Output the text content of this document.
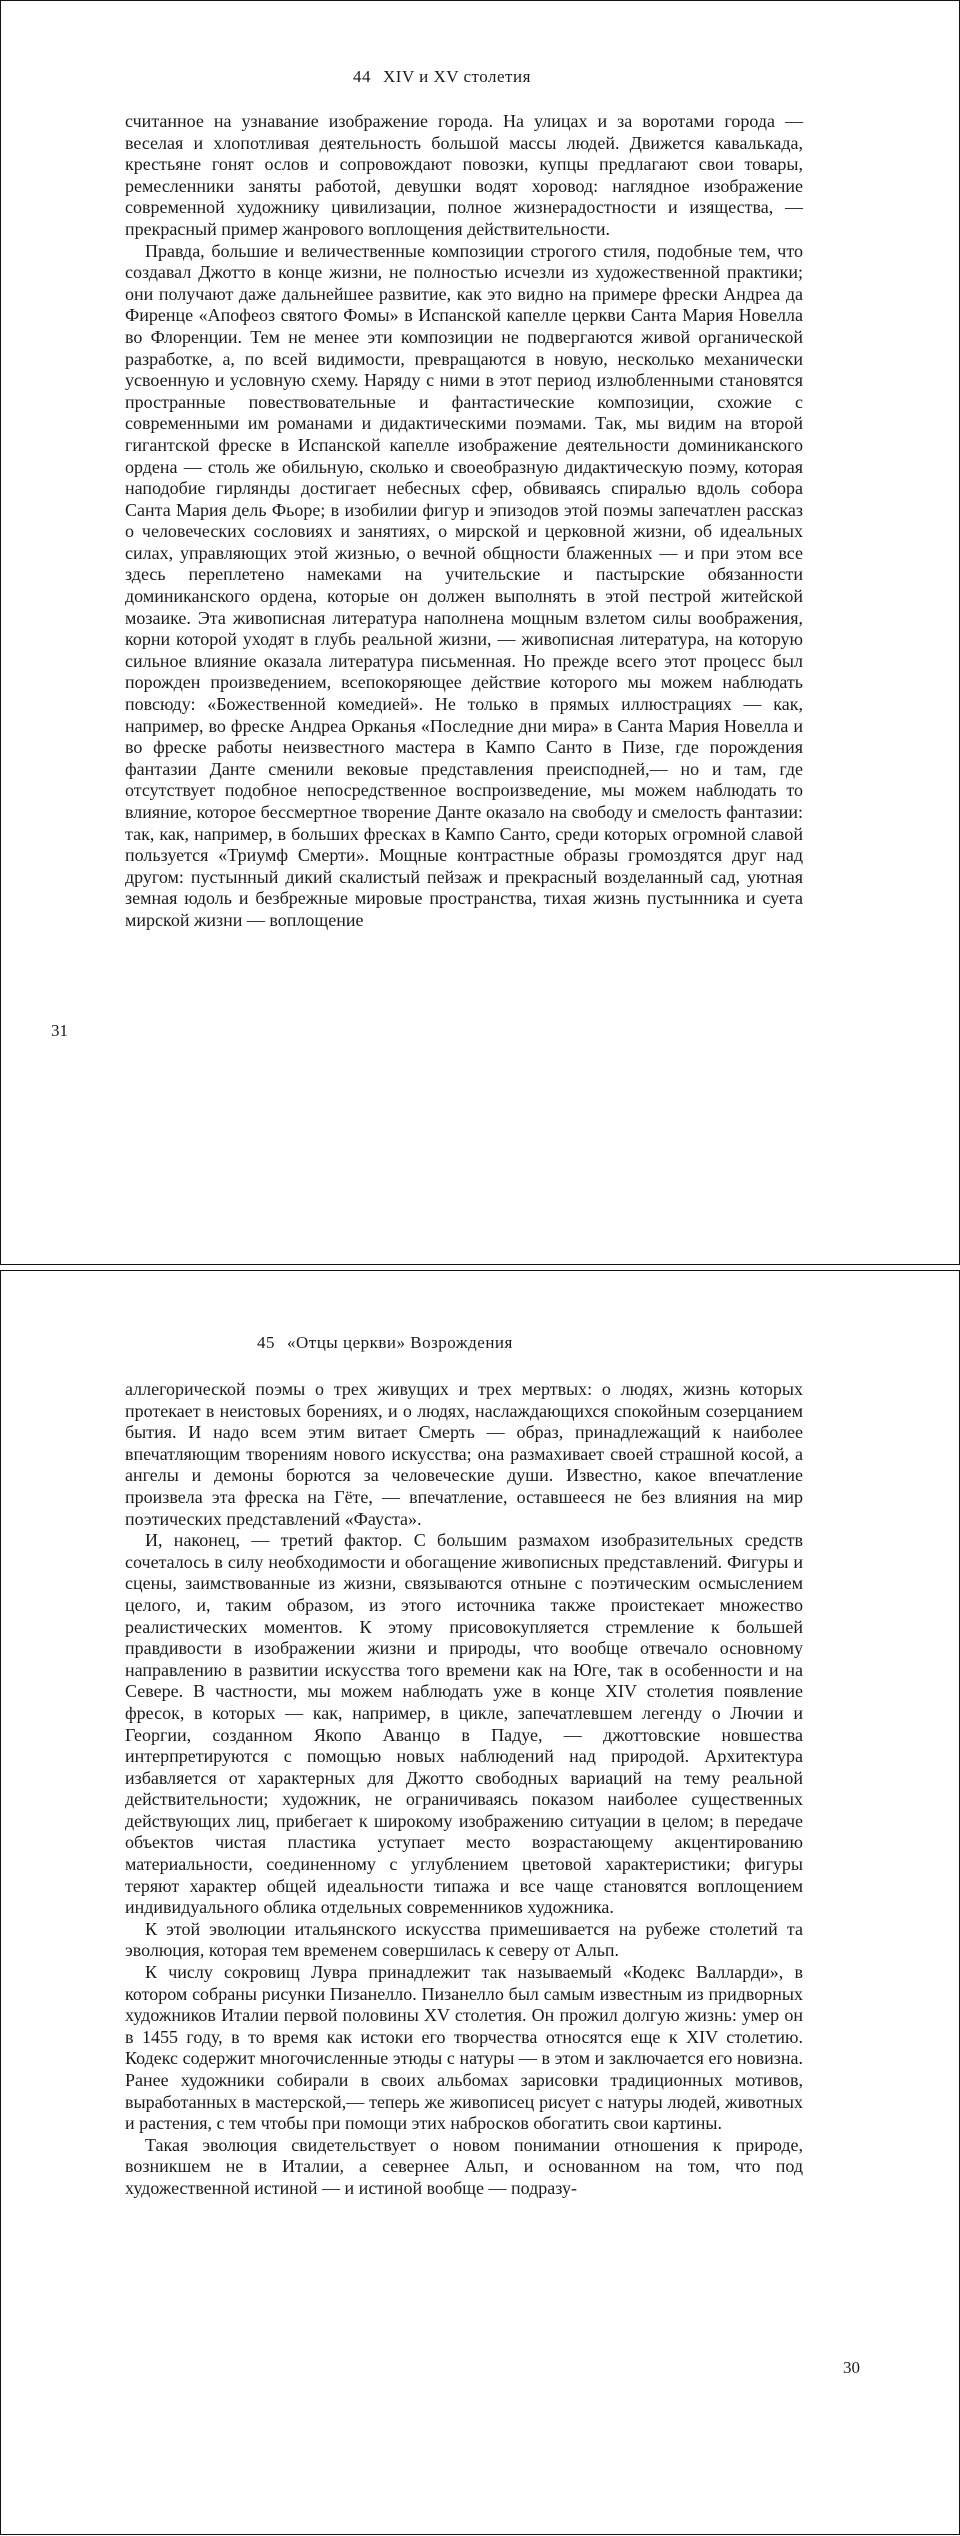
44 XIV и XV столетия
31

считанное на узнавание изображение города. На улицах и за воротами города — веселая и хлопотливая деятельность большой массы людей. Движется кавалькада, крестьяне гонят ослов и сопровождают повозки, купцы предлагают свои товары, ремесленники заняты работой, девушки водят хоровод: наглядное изображение современной художнику цивилизации, полное жизнерадостности и изящества, — прекрасный пример жанрового воплощения действительности.

Правда, большие и величественные композиции строгого стиля, подобные тем, что создавал Джотто в конце жизни, не полностью исчезли из художественной практики; они получают даже дальнейшее развитие, как это видно на примере фрески Андреа да Фиренце «Апофеоз святого Фомы» в Испанской капелле церкви Санта Мария Новелла во Флоренции. Тем не менее эти композиции не подвергаются живой органической разработке, а, по всей видимости, превращаются в новую, несколько механически усвоенную и условную схему. Наряду с ними в этот период излюбленными становятся пространные повествовательные и фантастические композиции, схожие с современными им романами и дидактическими поэмами. Так, мы видим на второй гигантской фреске в Испанской капелле изображение деятельности доминиканского ордена — столь же обильную, сколько и своеобразную дидактическую поэму, которая наподобие гирлянды достигает небесных сфер, обвиваясь спиралью вдоль собора Санта Мария дель Фьоре; в изобилии фигур и эпизодов этой поэмы запечатлен рассказ о человеческих сословиях и занятиях, о мирской и церковной жизни, об идеальных силах, управляющих этой жизнью, о вечной общности блаженных — и при этом все здесь переплетено намеками на учительские и пастырские обязанности доминиканского ордена, которые он должен выполнять в этой пестрой житейской мозаике. Эта живописная литература наполнена мощным взлетом силы воображения, корни которой уходят в глубь реальной жизни, — живописная литература, на которую сильное влияние оказала литература письменная. Но прежде всего этот процесс был порожден произведением, всепокоряющее действие которого мы можем наблюдать повсюду: «Божественной комедией». Не только в прямых иллюстрациях — как, например, во фреске Андреа Орканья «Последние дни мира» в Санта Мария Новелла и во фреске работы неизвестного мастера в Кампо Санто в Пизе, где порождения фантазии Данте сменили вековые представления преисподней,— но и там, где отсутствует подобное непосредственное воспроизведение, мы можем наблюдать то влияние, которое бессмертное творение Данте оказало на свободу и смелость фантазии: так, как, например, в больших фресках в Кампо Санто, среди которых огромной славой пользуется «Триумф Смерти». Мощные контрастные образы громоздятся друг над другом: пустынный дикий скалистый пейзаж и прекрасный возделанный сад, уютная земная юдоль и безбрежные мировые пространства, тихая жизнь пустынника и суета мирской жизни — воплощение

45 «Отцы церкви» Возрождения
30

аллегорической поэмы о трех живущих и трех мертвых: о людях, жизнь которых протекает в неистовых борениях, и о людях, наслаждающихся спокойным созерцанием бытия. И надо всем этим витает Смерть — образ, принадлежащий к наиболее впечатляющим творениям нового искусства; она размахивает своей страшной косой, а ангелы и демоны борются за человеческие души. Известно, какое впечатление произвела эта фреска на Гёте, — впечатление, оставшееся не без влияния на мир поэтических представлений «Фауста».

И, наконец, — третий фактор. С большим размахом изобразительных средств сочеталось в силу необходимости и обогащение живописных представлений. Фигуры и сцены, заимствованные из жизни, связываются отныне с поэтическим осмыслением целого, и, таким образом, из этого источника также проистекает множество реалистических моментов. К этому присовокупляется стремление к большей правдивости в изображении жизни и природы, что вообще отвечало основному направлению в развитии искусства того времени как на Юге, так в особенности и на Севере. В частности, мы можем наблюдать уже в конце XIV столетия появление фресок, в которых — как, например, в цикле, запечатлевшем легенду о Лючии и Георгии, созданном Якопо Аванцо в Падуе, — джоттовские новшества интерпретируются с помощью новых наблюдений над природой. Архитектура избавляется от характерных для Джотто свободных вариаций на тему реальной действительности; художник, не ограничиваясь показом наиболее существенных действующих лиц, прибегает к широкому изображению ситуации в целом; в передаче объектов чистая пластика уступает место возрастающему акцентированию материальности, соединенному с углублением цветовой характеристики; фигуры теряют характер общей идеальности типажа и все чаще становятся воплощением индивидуального облика отдельных современников художника.

К этой эволюции итальянского искусства примешивается на рубеже столетий та эволюция, которая тем временем совершилась к северу от Альп.

К числу сокровищ Лувра принадлежит так называемый «Кодекс Валларди», в котором собраны рисунки Пизанелло. Пизанелло был самым известным из придворных художников Италии первой половины XV столетия. Он прожил долгую жизнь: умер он в 1455 году, в то время как истоки его творчества относятся еще к XIV столетию. Кодекс содержит многочисленные этюды с натуры — в этом и заключается его новизна. Ранее художники собирали в своих альбомах зарисовки традиционных мотивов, выработанных в мастерской,— теперь же живописец рисует с натуры людей, животных и растения, с тем чтобы при помощи этих набросков обогатить свои картины.

Такая эволюция свидетельствует о новом понимании отношения к природе, возникшем не в Италии, а севернее Альп, и основанном на том, что под художественной истиной — и истиной вообще — подразу-
